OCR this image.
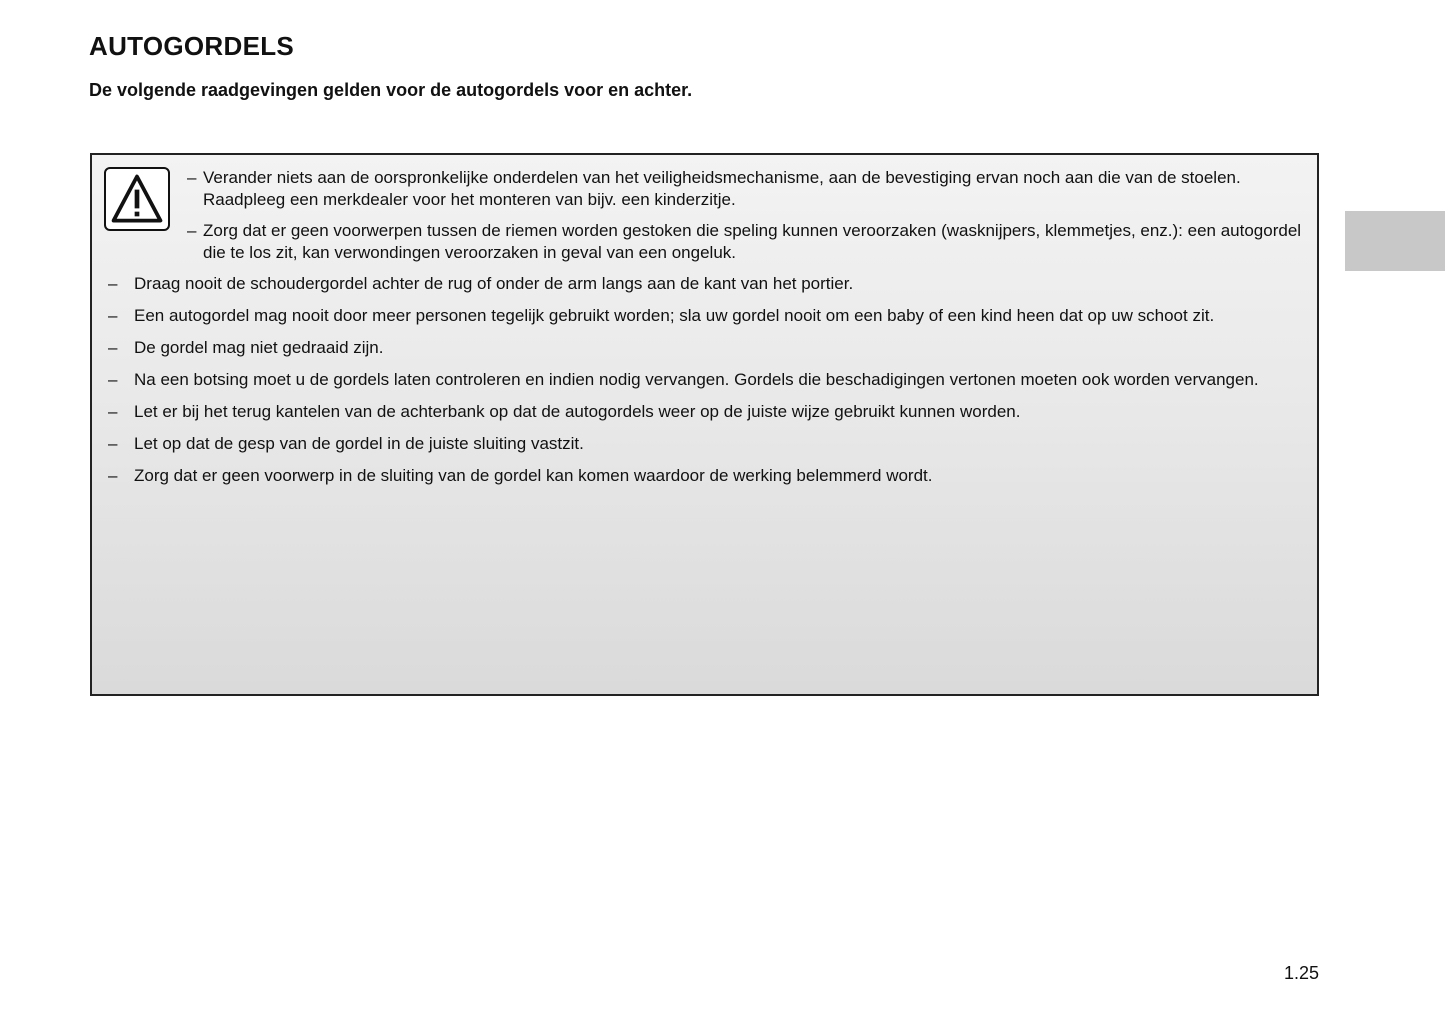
AUTOGORDELS

De volgende raadgevingen gelden voor de autogordels voor en achter.

– Verander niets aan de oorspronkelijke onderdelen van het veiligheidsmechanisme, aan de bevestiging ervan noch aan die van de stoelen. Raadpleeg een merkdealer voor het monteren van bijv. een kinderzitje.
– Zorg dat er geen voorwerpen tussen de riemen worden gestoken die speling kunnen veroorzaken (wasknijpers, klemmetjes, enz.): een autogordel die te los zit, kan verwondingen veroorzaken in geval van een ongeluk.
– Draag nooit de schoudergordel achter de rug of onder de arm langs aan de kant van het portier.
– Een autogordel mag nooit door meer personen tegelijk gebruikt worden; sla uw gordel nooit om een baby of een kind heen dat op uw schoot zit.
– De gordel mag niet gedraaid zijn.
– Na een botsing moet u de gordels laten controleren en indien nodig vervangen. Gordels die beschadigingen vertonen moeten ook worden vervangen.
– Let er bij het terug kantelen van de achterbank op dat de autogordels weer op de juiste wijze gebruikt kunnen worden.
– Let op dat de gesp van de gordel in de juiste sluiting vastzit.
– Zorg dat er geen voorwerp in de sluiting van de gordel kan komen waardoor de werking belemmerd wordt.

1.25
